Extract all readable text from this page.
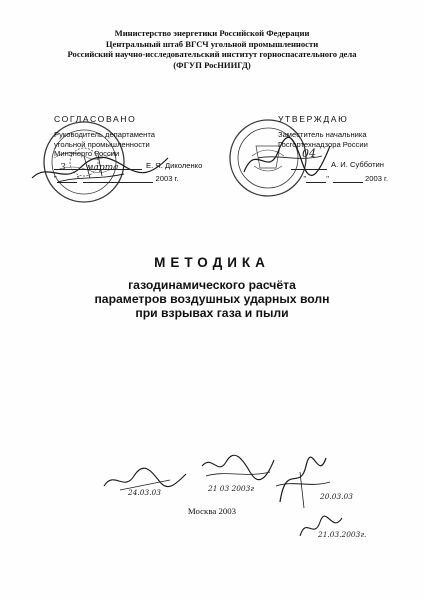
Министерство энергетики Российской Федерации
Центральный штаб ВГСЧ угольной промышленности
Российский научно-исследовательский институт горноспасательного дела
(ФГУП РосНИИГД)
СОГЛАСОВАНО
Руководитель департамента
угольной промышленности
Минэнерго России
Е. Я. Диколенко
"	"	2003 г.
3 марта
УТВЕРЖДАЮ
Заместитель начальника
Госгортехнадзора России
А. И. Субботин
"	"	2003 г.
04
МЕТОДИКА
газодинамического расчёта
параметров воздушных ударных волн
при взрывах газа и пыли
24.03.03	21 03 2003г
20.03.03
21.03.2003г.
Москва 2003
